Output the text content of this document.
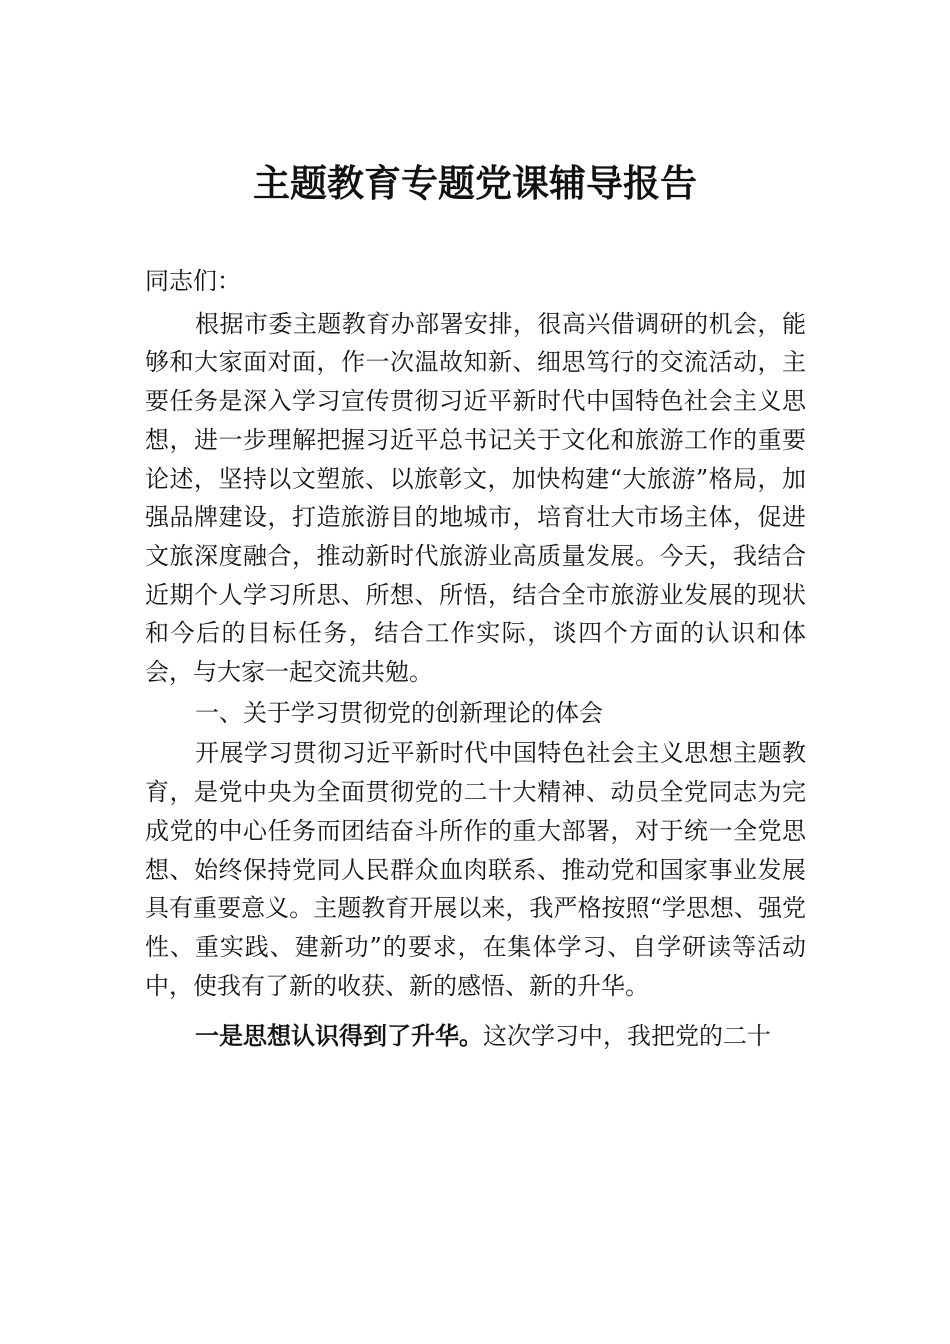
主题教育专题党课辅导报告

同志们：

根据市委主题教育办部署安排，很高兴借调研的机会，能够和大家面对面，作一次温故知新、细思笃行的交流活动，主要任务是深入学习宣传贯彻习近平新时代中国特色社会主义思想，进一步理解把握习近平总书记关于文化和旅游工作的重要论述，坚持以文塑旅、以旅彰文，加快构建“大旅游”格局，加强品牌建设，打造旅游目的地城市，培育壮大市场主体，促进文旅深度融合，推动新时代旅游业高质量发展。今天，我结合近期个人学习所思、所想、所悟，结合全市旅游业发展的现状和今后的目标任务，结合工作实际，谈四个方面的认识和体会，与大家一起交流共勉。

一、关于学习贯彻党的创新理论的体会

开展学习贯彻习近平新时代中国特色社会主义思想主题教育，是党中央为全面贯彻党的二十大精神、动员全党同志为完成党的中心任务而团结奋斗所作的重大部署，对于统一全党思想、始终保持党同人民群众血肉联系、推动党和国家事业发展具有重要意义。主题教育开展以来，我严格按照“学思想、强党性、重实践、建新功”的要求，在集体学习、自学研读等活动中，使我有了新的收获、新的感悟、新的升华。

一是思想认识得到了升华。这次学习中，我把党的二十
